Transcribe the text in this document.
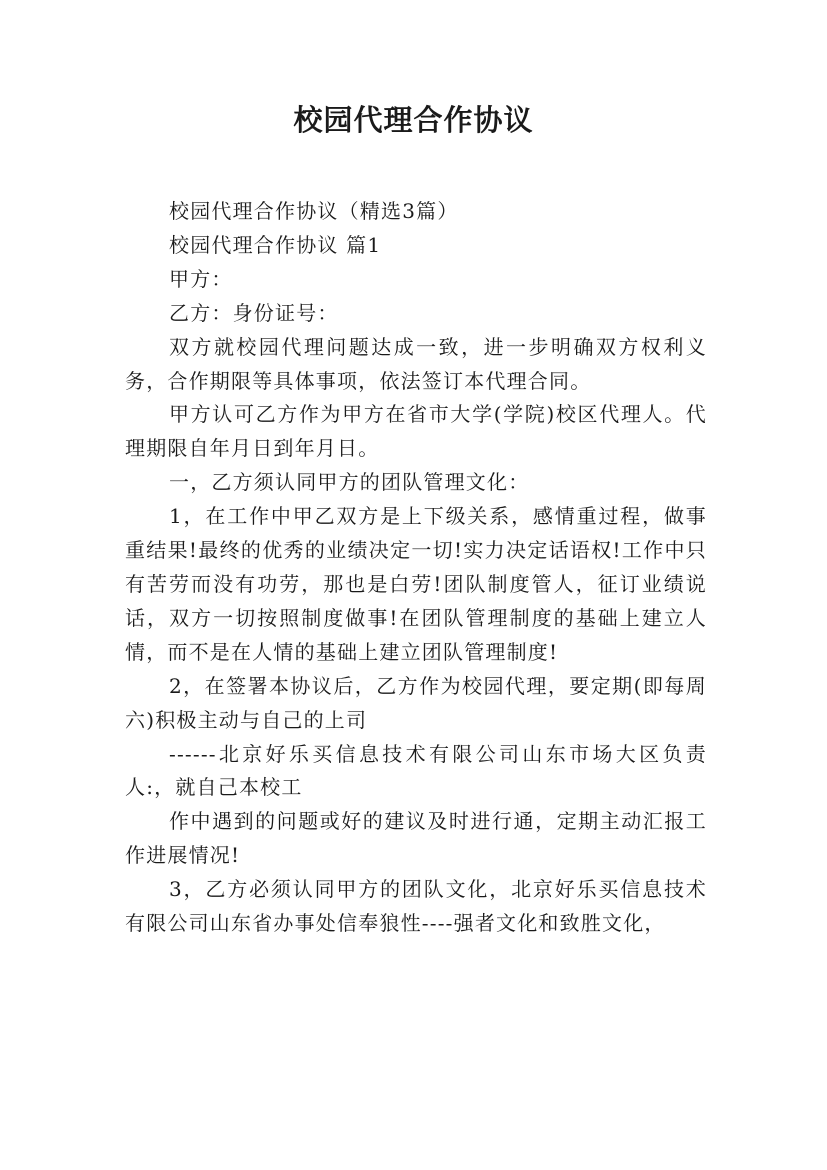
校园代理合作协议

校园代理合作协议（精选3篇）

校园代理合作协议 篇1

甲方：

乙方：身份证号：

双方就校园代理问题达成一致，进一步明确双方权利义务，合作期限等具体事项，依法签订本代理合同。

甲方认可乙方作为甲方在省市大学(学院)校区代理人。代理期限自年月日到年月日。

一，乙方须认同甲方的团队管理文化：

1，在工作中甲乙双方是上下级关系，感情重过程，做事重结果!最终的优秀的业绩决定一切!实力决定话语权!工作中只有苦劳而没有功劳，那也是白劳!团队制度管人，征订业绩说话，双方一切按照制度做事!在团队管理制度的基础上建立人情，而不是在人情的基础上建立团队管理制度!

2，在签署本协议后，乙方作为校园代理，要定期(即每周六)积极主动与自己的上司

------北京好乐买信息技术有限公司山东市场大区负责人:，就自己本校工

作中遇到的问题或好的建议及时进行通，定期主动汇报工作进展情况!

3，乙方必须认同甲方的团队文化，北京好乐买信息技术有限公司山东省办事处信奉狼性----强者文化和致胜文化，
